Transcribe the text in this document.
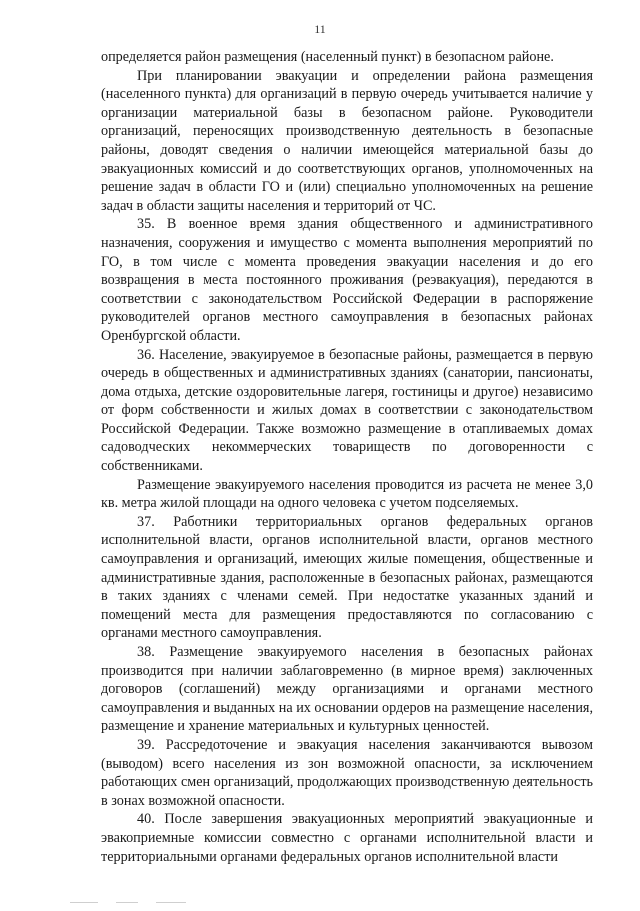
11

определяется район размещения (населенный пункт) в безопасном районе.

При планировании эвакуации и определении района размещения (населенного пункта) для организаций в первую очередь учитывается наличие у организации материальной базы в безопасном районе. Руководители организаций, переносящих производственную деятельность в безопасные районы, доводят сведения о наличии имеющейся материальной базы до эвакуационных комиссий и до соответствующих органов, уполномоченных на решение задач в области ГО и (или) специально уполномоченных на решение задач в области защиты населения и территорий от ЧС.

35. В военное время здания общественного и административного назначения, сооружения и имущество с момента выполнения мероприятий по ГО, в том числе с момента проведения эвакуации населения и до его возвращения в места постоянного проживания (реэвакуация), передаются в соответствии с законодательством Российской Федерации в распоряжение руководителей органов местного самоуправления в безопасных районах Оренбургской области.

36. Население, эвакуируемое в безопасные районы, размещается в первую очередь в общественных и административных зданиях (санатории, пансионаты, дома отдыха, детские оздоровительные лагеря, гостиницы и другое) независимо от форм собственности и жилых домах в соответствии с законодательством Российской Федерации. Также возможно размещение в отапливаемых домах садоводческих некоммерческих товариществ по договоренности с собственниками.

Размещение эвакуируемого населения проводится из расчета не менее 3,0 кв. метра жилой площади на одного человека с учетом подселяемых.

37. Работники территориальных органов федеральных органов исполнительной власти, органов исполнительной власти, органов местного самоуправления и организаций, имеющих жилые помещения, общественные и административные здания, расположенные в безопасных районах, размещаются в таких зданиях с членами семей. При недостатке указанных зданий и помещений места для размещения предоставляются по согласованию с органами местного самоуправления.

38. Размещение эвакуируемого населения в безопасных районах производится при наличии заблаговременно (в мирное время) заключенных договоров (соглашений) между организациями и органами местного самоуправления и выданных на их основании ордеров на размещение населения, размещение и хранение материальных и культурных ценностей.

39. Рассредоточение и эвакуация населения заканчиваются вывозом (выводом) всего населения из зон возможной опасности, за исключением работающих смен организаций, продолжающих производственную деятельность в зонах возможной опасности.

40. После завершения эвакуационных мероприятий эвакуационные и эвакоприемные комиссии совместно с органами исполнительной власти и территориальными органами федеральных органов исполнительной власти
